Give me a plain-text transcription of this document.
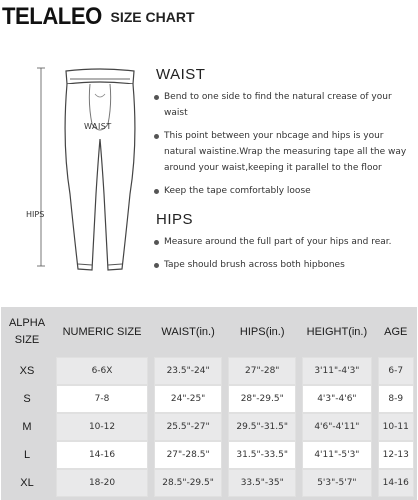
TELALEO SIZE CHART
WAIST
HIPS
WAIST
Bend to one side to find the natural crease of your waist
This point between your nbcage and hips is your natural waistine.Wrap the measuring tape all the way around your waist,keeping it parallel to the floor
Keep the tape comfortably loose
HIPS
Measure around the full part of your hips and rear.
Tape should brush across both hipbones
ALPHA
SIZE	NUMERIC SIZE	WAIST(in.)	HIPS(in.)	HEIGHT(in.)	AGE
XS	6-6X	23.5"-24"	27"-28"	3'11"-4'3"	6-7

S	7-8	24"-25"	28"-29.5"	4'3"-4'6"	8-9

M	10-12	25.5"-27"	29.5"-31.5"	4'6"-4'11"	10-11

L	14-16	27"-28.5"	31.5"-33.5"	4'11"-5'3"	12-13

XL	18-20	28.5"-29.5"	33.5"-35"	5'3"-5'7"	14-16
